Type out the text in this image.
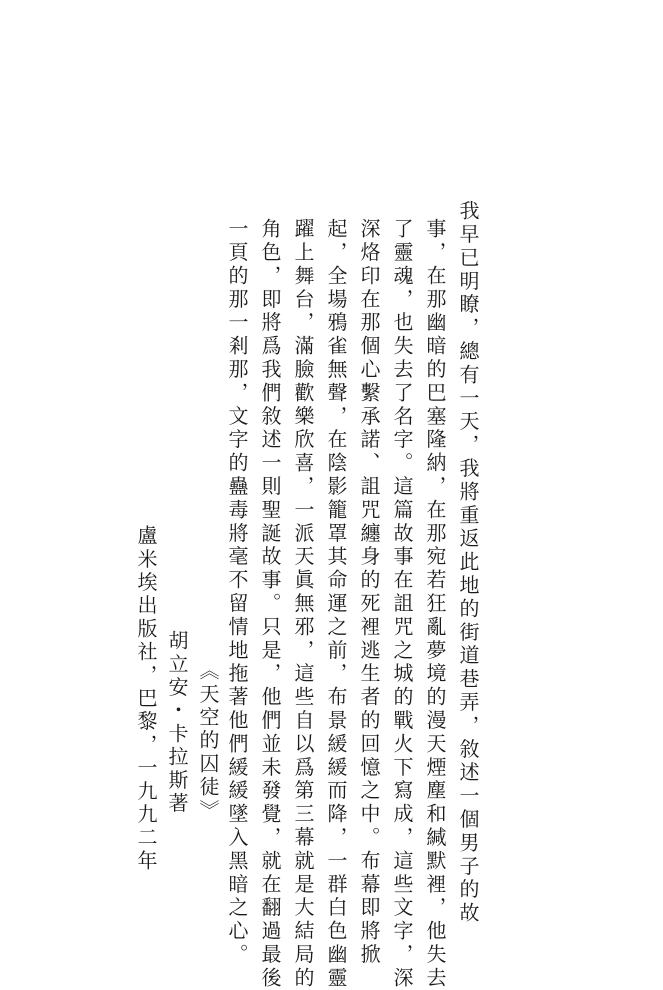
我早已明瞭，總有一天，我將重返此地的街道巷弄，敘述一個男子的故
事，在那幽暗的巴塞隆納，在那宛若狂亂夢境的漫天煙塵和緘默裡，他失去
了靈魂，也失去了名字。這篇故事在詛咒之城的戰火下寫成，這些文字，深
深烙印在那個心繫承諾、詛咒纏身的死裡逃生者的回憶之中。布幕即將掀
起，全場鴉雀無聲，在陰影籠罩其命運之前，布景緩緩而降，一群白色幽靈
躍上舞台，滿臉歡樂欣喜，一派天眞無邪，這些自以爲第三幕就是大結局的
角色，即將爲我們敘述一則聖誕故事。只是，他們並未發覺，就在翻過最後
一頁的那一剎那，文字的蠱毒將毫不留情地拖著他們緩緩墜入黑暗之心。
《天空的囚徒》
胡立安・卡拉斯著
盧米埃出版社，巴黎，一九九二年
